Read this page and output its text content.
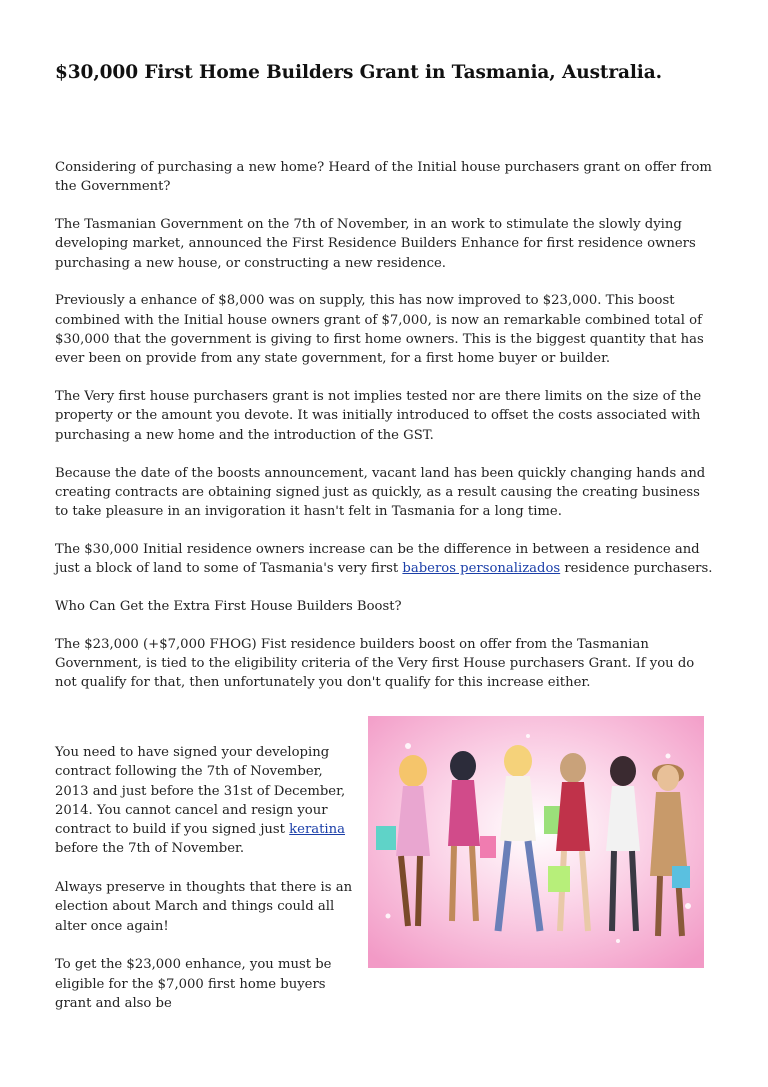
$30,000 First Home Builders Grant in Tasmania, Australia.

Considering of purchasing a new home? Heard of the Initial house purchasers grant on offer from the Government?

The Tasmanian Government on the 7th of November, in an work to stimulate the slowly dying developing market, announced the First Residence Builders Enhance for first residence owners purchasing a new house, or constructing a new residence.

Previously a enhance of $8,000 was on supply, this has now improved to $23,000. This boost combined with the Initial house owners grant of $7,000, is now an remarkable combined total of $30,000 that the government is giving to first home owners. This is the biggest quantity that has ever been on provide from any state government, for a first home buyer or builder.

The Very first house purchasers grant is not implies tested nor are there limits on the size of the property or the amount you devote. It was initially introduced to offset the costs associated with purchasing a new home and the introduction of the GST.

Because the date of the boosts announcement, vacant land has been quickly changing hands and creating contracts are obtaining signed just as quickly, as a result causing the creating business to take pleasure in an invigoration it hasn't felt in Tasmania for a long time.

The $30,000 Initial residence owners increase can be the difference in between a residence and just a block of land to some of Tasmania's very first baberos personalizados residence purchasers.

Who Can Get the Extra First House Builders Boost?

The $23,000 (+$7,000 FHOG) Fist residence builders boost on offer from the Tasmanian Government, is tied to the eligibility criteria of the Very first House purchasers Grant. If you do not qualify for that, then unfortunately you don't qualify for this increase either.

You need to have signed your developing contract following the 7th of November, 2013 and just before the 31st of December, 2014. You cannot cancel and resign your contract to build if you signed just keratina before the 7th of November.

Always preserve in thoughts that there is an election about March and things could all alter once again!

To get the $23,000 enhance, you must be eligible for the $7,000 first home buyers grant and also be
